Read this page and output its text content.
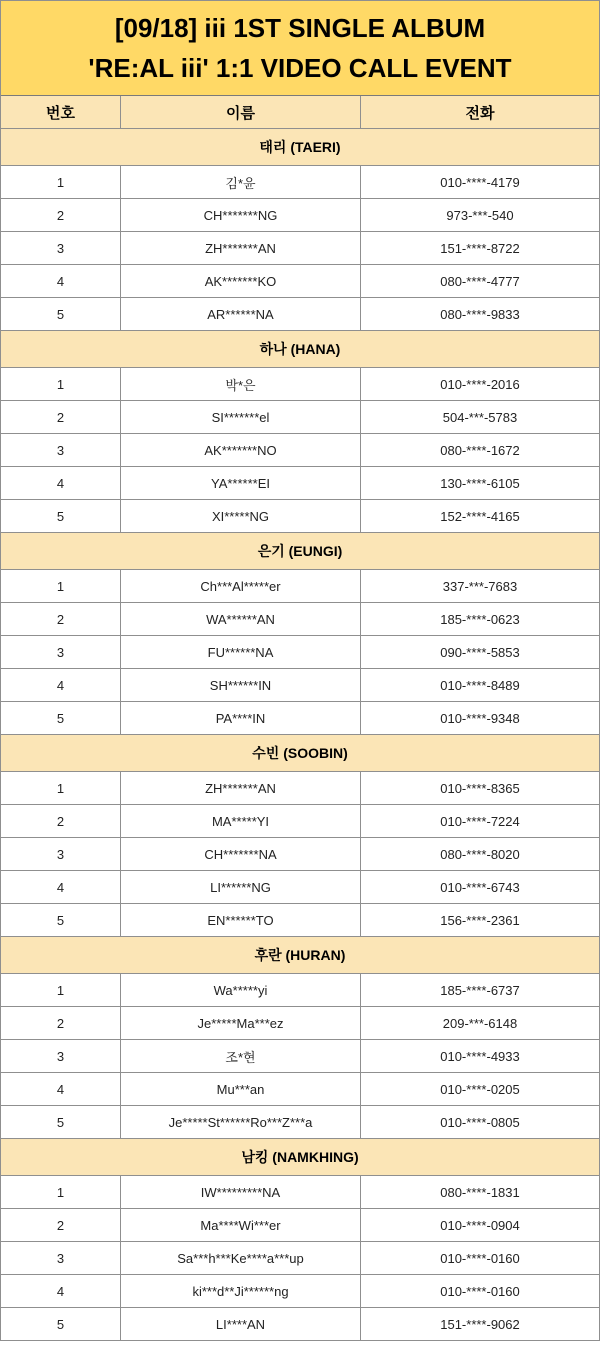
[09/18] iii 1ST SINGLE ALBUM
'RE:AL iii' 1:1 VIDEO CALL EVENT
번호	이름	전화
태리 (TAERI)
1	김*윤	010-****-4179
2	CH*******NG	973-***-540
3	ZH*******AN	151-****-8722
4	AK*******KO	080-****-4777
5	AR******NA	080-****-9833
하나 (HANA)
1	박*은	010-****-2016
2	SI*******el	504-***-5783
3	AK*******NO	080-****-1672
4	YA******EI	130-****-6105
5	XI*****NG	152-****-4165
은기 (EUNGI)
1	Ch***Al*****er	337-***-7683
2	WA******AN	185-****-0623
3	FU******NA	090-****-5853
4	SH******IN	010-****-8489
5	PA****IN	010-****-9348
수빈 (SOOBIN)
1	ZH*******AN	010-****-8365
2	MA*****YI	010-****-7224
3	CH*******NA	080-****-8020
4	LI******NG	010-****-6743
5	EN******TO	156-****-2361
후란 (HURAN)
1	Wa*****yi	185-****-6737
2	Je*****Ma***ez	209-***-6148
3	조*현	010-****-4933
4	Mu***an	010-****-0205
5	Je*****St******Ro***Z***a	010-****-0805
남킹 (NAMKHING)
1	IW*********NA	080-****-1831
2	Ma****Wi***er	010-****-0904
3	Sa***h***Ke****a***up	010-****-0160
4	ki***d**Ji******ng	010-****-0160
5	LI****AN	151-****-9062
